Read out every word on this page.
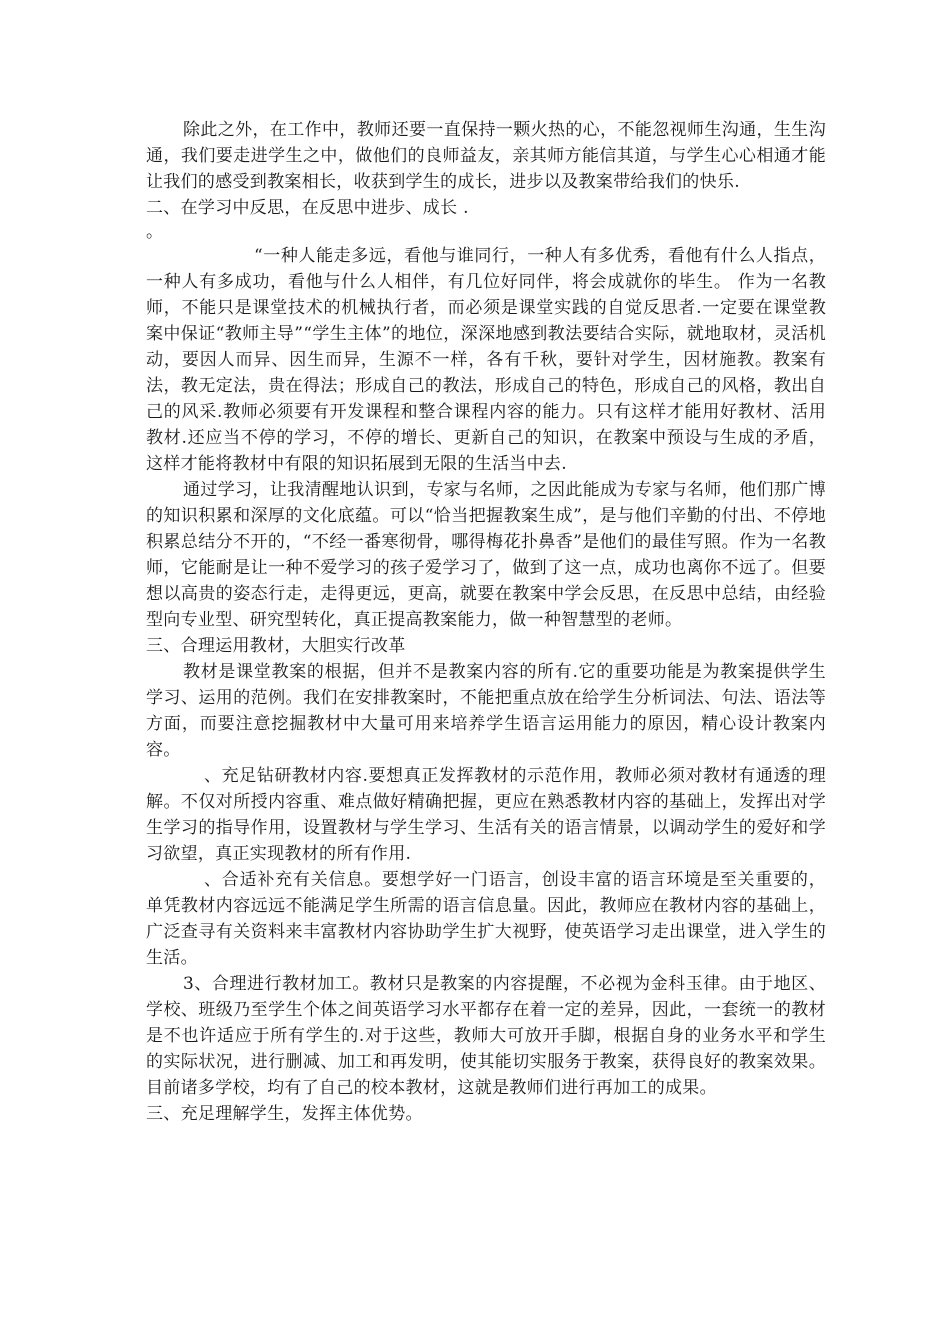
除此之外，在工作中，教师还要一直保持一颗火热的心，不能忽视师生沟通，生生沟通，我们要走进学生之中，做他们的良师益友，亲其师方能信其道，与学生心心相通才能让我们的感受到教案相长，收获到学生的成长，进步以及教案带给我们的快乐.

二、在学习中反思，在反思中进步、成长 .

。

“一种人能走多远，看他与谁同行，一种人有多优秀，看他有什么人指点，一种人有多成功，看他与什么人相伴，有几位好同伴，将会成就你的毕生。 作为一名教师，不能只是课堂技术的机械执行者，而必须是课堂实践的自觉反思者.一定要在课堂教案中保证“教师主导”“学生主体”的地位，深深地感到教法要结合实际，就地取材，灵活机动，要因人而异、因生而异，生源不一样，各有千秋，要针对学生，因材施教。教案有法，教无定法，贵在得法；形成自己的教法，形成自己的特色，形成自己的风格，教出自己的风采.教师必须要有开发课程和整合课程内容的能力。只有这样才能用好教材、活用教材.还应当不停的学习，不停的增长、更新自己的知识，在教案中预设与生成的矛盾，这样才能将教材中有限的知识拓展到无限的生活当中去.

通过学习，让我清醒地认识到，专家与名师，之因此能成为专家与名师，他们那广博的知识积累和深厚的文化底蕴。可以“恰当把握教案生成”，是与他们辛勤的付出、不停地积累总结分不开的，“不经一番寒彻骨，哪得梅花扑鼻香”是他们的最佳写照。作为一名教师，它能耐是让一种不爱学习的孩子爱学习了，做到了这一点，成功也离你不远了。但要想以高贵的姿态行走，走得更远，更高，就要在教案中学会反思，在反思中总结，由经验型向专业型、研究型转化，真正提高教案能力，做一种智慧型的老师。

三、合理运用教材，大胆实行改革

教材是课堂教案的根据，但并不是教案内容的所有.它的重要功能是为教案提供学生学习、运用的范例。我们在安排教案时，不能把重点放在给学生分析词法、句法、语法等方面，而要注意挖掘教材中大量可用来培养学生语言运用能力的原因，精心设计教案内容。

、充足钻研教材内容.要想真正发挥教材的示范作用，教师必须对教材有通透的理解。不仅对所授内容重、难点做好精确把握，更应在熟悉教材内容的基础上，发挥出对学生学习的指导作用，设置教材与学生学习、生活有关的语言情景，以调动学生的爱好和学习欲望，真正实现教材的所有作用.

、合适补充有关信息。要想学好一门语言，创设丰富的语言环境是至关重要的，单凭教材内容远远不能满足学生所需的语言信息量。因此，教师应在教材内容的基础上，广泛查寻有关资料来丰富教材内容协助学生扩大视野，使英语学习走出课堂，进入学生的生活。

3、合理进行教材加工。教材只是教案的内容提醒，不必视为金科玉律。由于地区、学校、班级乃至学生个体之间英语学习水平都存在着一定的差异，因此，一套统一的教材是不也许适应于所有学生的.对于这些，教师大可放开手脚，根据自身的业务水平和学生的实际状况，进行删减、加工和再发明，使其能切实服务于教案，获得良好的教案效果。目前诸多学校，均有了自己的校本教材，这就是教师们进行再加工的成果。

三、充足理解学生，发挥主体优势。
